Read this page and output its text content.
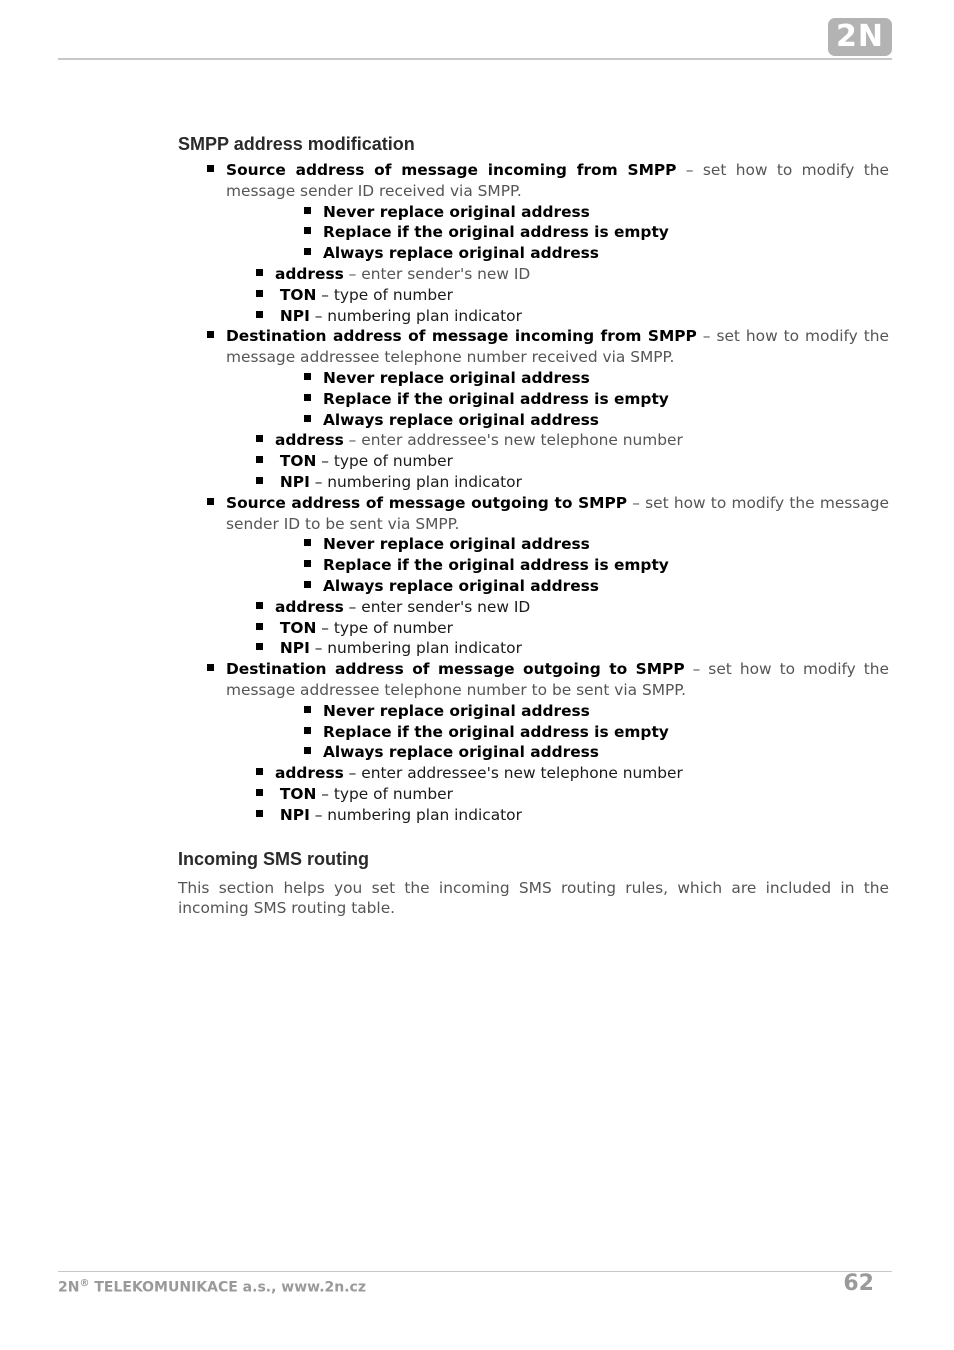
2N
SMPP address modification
Source address of message incoming from SMPP – set how to modify the message sender ID received via SMPP.
Never replace original address
Replace if the original address is empty
Always replace original address
address – enter sender's new ID
TON – type of number
NPI – numbering plan indicator
Destination address of message incoming from SMPP – set how to modify the message addressee telephone number received via SMPP.
Never replace original address
Replace if the original address is empty
Always replace original address
address – enter addressee's new telephone number
TON – type of number
NPI – numbering plan indicator
Source address of message outgoing to SMPP – set how to modify the message sender ID to be sent via SMPP.
Never replace original address
Replace if the original address is empty
Always replace original address
address – enter sender's new ID
TON – type of number
NPI – numbering plan indicator
Destination address of message outgoing to SMPP – set how to modify the message addressee telephone number to be sent via SMPP.
Never replace original address
Replace if the original address is empty
Always replace original address
address – enter addressee's new telephone number
TON – type of number
NPI – numbering plan indicator
Incoming SMS routing

This section helps you set the incoming SMS routing rules, which are included in the incoming SMS routing table.

2N® TELEKOMUNIKACE a.s., www.2n.cz	62
